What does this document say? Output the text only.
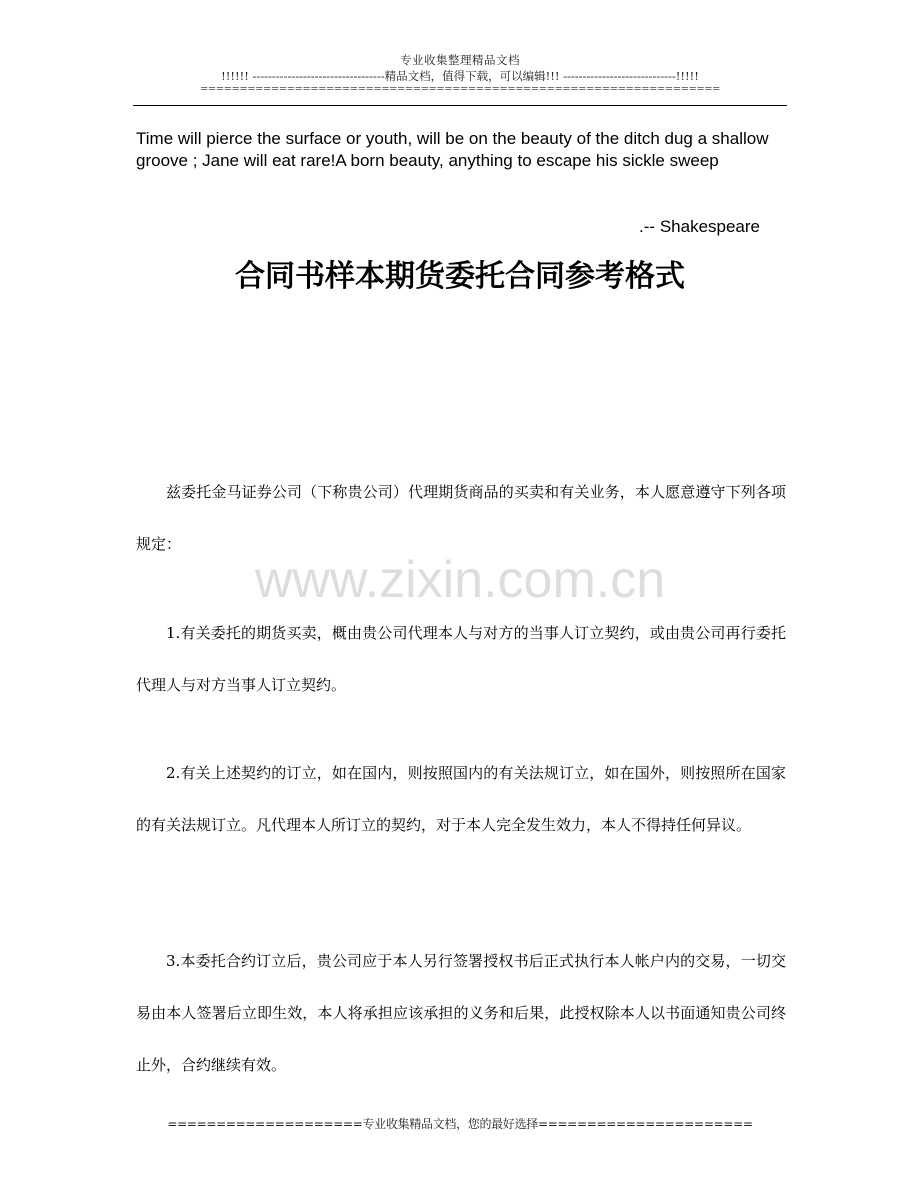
专业收集整理精品文档
!!!!!! ----------------------------------精品文档，值得下载，可以编辑!!! -----------------------------!!!!!
==================================================================
Time will pierce the surface or youth, will be on the beauty of the ditch dug a shallow groove ; Jane will eat rare!A born beauty, anything to escape his sickle sweep
.-- Shakespeare
合同书样本期货委托合同参考格式
兹委托金马证券公司（下称贵公司）代理期货商品的买卖和有关业务，本人愿意遵守下列各项规定：
www.zixin.com.cn
1.有关委托的期货买卖，概由贵公司代理本人与对方的当事人订立契约，或由贵公司再行委托代理人与对方当事人订立契约。
2.有关上述契约的订立，如在国内，则按照国内的有关法规订立，如在国外，则按照所在国家的有关法规订立。凡代理本人所订立的契约，对于本人完全发生效力，本人不得持任何异议。
3.本委托合约订立后，贵公司应于本人另行签署授权书后正式执行本人帐户内的交易，一切交易由本人签署后立即生效，本人将承担应该承担的义务和后果，此授权除本人以书面通知贵公司终止外，合约继续有效。
====================专业收集精品文档，您的最好选择======================
